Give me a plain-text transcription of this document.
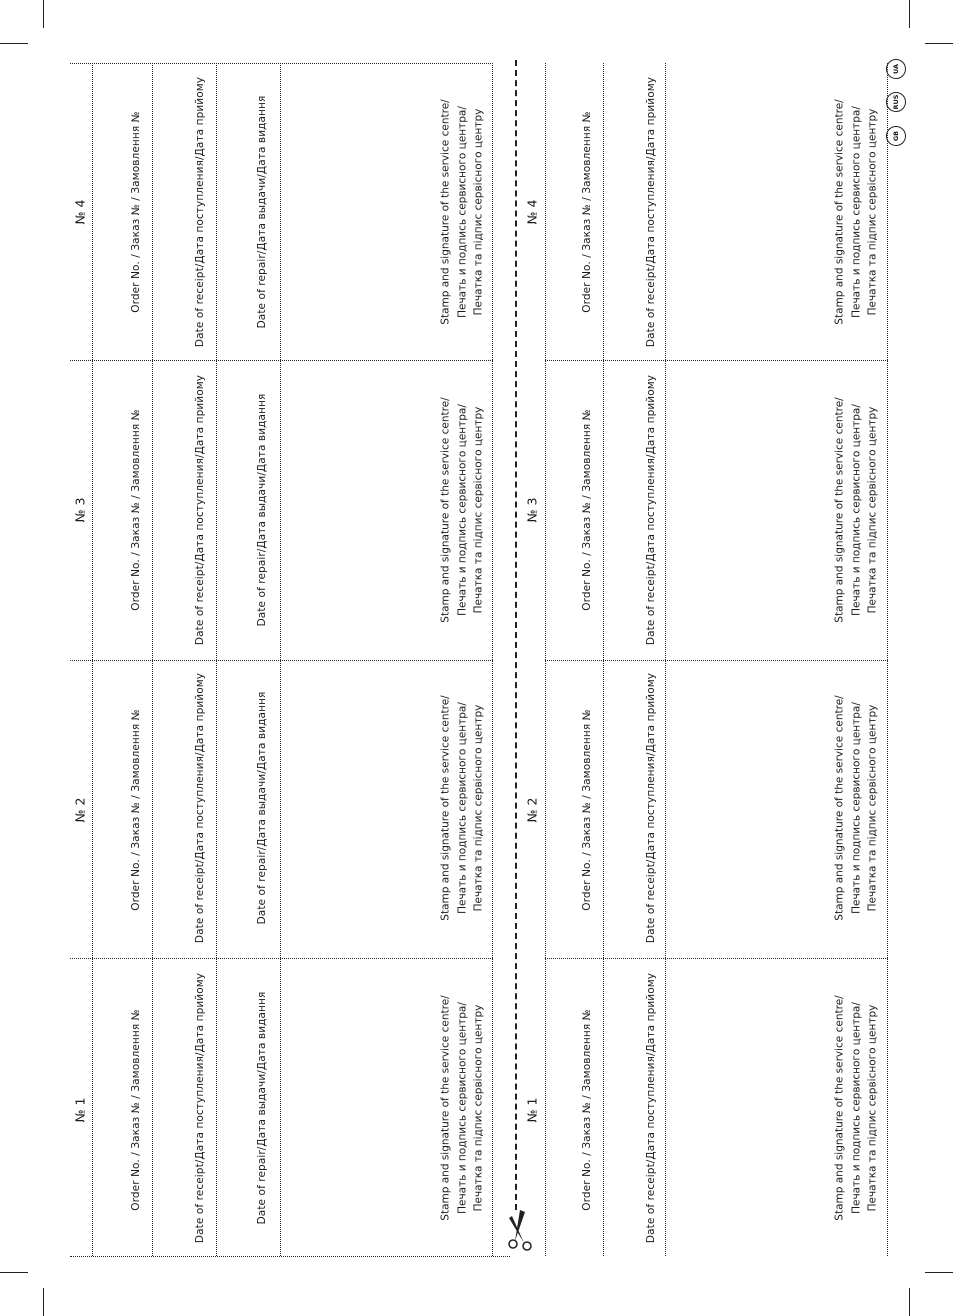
№ 1	Order No. / Заказ № / Замовлення №	Date of receipt/Дата поступления/Дата прийому	Date of repair/Дата выдачи/Дата видання	Stamp and signature of the service centre/ Печать и подпись сервисного центра/ Печатка та підпис сервісного центру
№ 2	Order No. / Заказ № / Замовлення №	Date of receipt/Дата поступления/Дата прийому	Date of repair/Дата выдачи/Дата видання	Stamp and signature of the service centre/ Печать и подпись сервисного центра/ Печатка та підпис сервісного центру
№ 3	Order No. / Заказ № / Замовлення №	Date of receipt/Дата поступления/Дата прийому	Date of repair/Дата выдачи/Дата видання	Stamp and signature of the service centre/ Печать и подпись сервисного центра/ Печатка та підпис сервісного центру
№ 4	Order No. / Заказ № / Замовлення №	Date of receipt/Дата поступления/Дата прийому	Date of repair/Дата выдачи/Дата видання	Stamp and signature of the service centre/ Печать и подпись сервисного центра/ Печатка та підпис сервісного центру
№ 1	Order No. / Заказ № / Замовлення №	Date of receipt/Дата поступления/Дата прийому	Stamp and signature of the service centre/ Печать и подпись сервисного центра/ Печатка та підпис сервісного центру
№ 2	Order No. / Заказ № / Замовлення №	Date of receipt/Дата поступления/Дата прийому	Stamp and signature of the service centre/ Печать и подпись сервисного центра/ Печатка та підпис сервісного центру
№ 3	Order No. / Заказ № / Замовлення №	Date of receipt/Дата поступления/Дата прийому	Stamp and signature of the service centre/ Печать и подпись сервисного центра/ Печатка та підпис сервісного центру
№ 4	Order No. / Заказ № / Замовлення №	Date of receipt/Дата поступления/Дата прийому	Stamp and signature of the service centre/ Печать и подпись сервисного центра/ Печатка та підпис сервісного центру	GB
RUS
UA
